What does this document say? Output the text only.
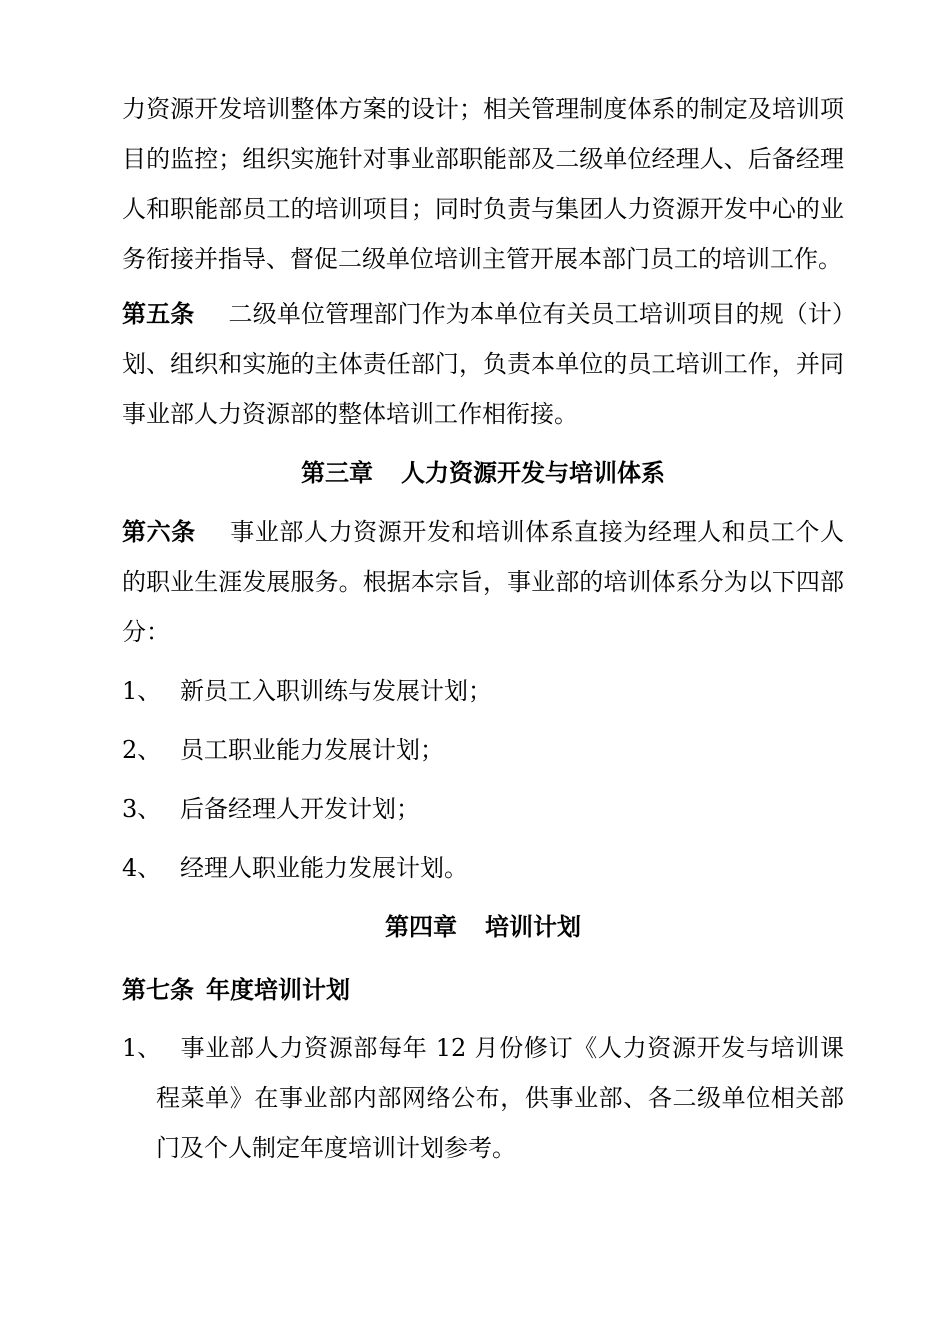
力资源开发培训整体方案的设计；相关管理制度体系的制定及培训项目的监控；组织实施针对事业部职能部及二级单位经理人、后备经理人和职能部员工的培训项目；同时负责与集团人力资源开发中心的业务衔接并指导、督促二级单位培训主管开展本部门员工的培训工作。

第五条 二级单位管理部门作为本单位有关员工培训项目的规（计）划、组织和实施的主体责任部门，负责本单位的员工培训工作，并同事业部人力资源部的整体培训工作相衔接。

第三章 人力资源开发与培训体系

第六条 事业部人力资源开发和培训体系直接为经理人和员工个人的职业生涯发展服务。根据本宗旨，事业部的培训体系分为以下四部分：

1、 新员工入职训练与发展计划；

2、 员工职业能力发展计划；

3、 后备经理人开发计划；

4、 经理人职业能力发展计划。

第四章 培训计划

第七条 年度培训计划

1、 事业部人力资源部每年 12 月份修订《人力资源开发与培训课程菜单》在事业部内部网络公布，供事业部、各二级单位相关部门及个人制定年度培训计划参考。
